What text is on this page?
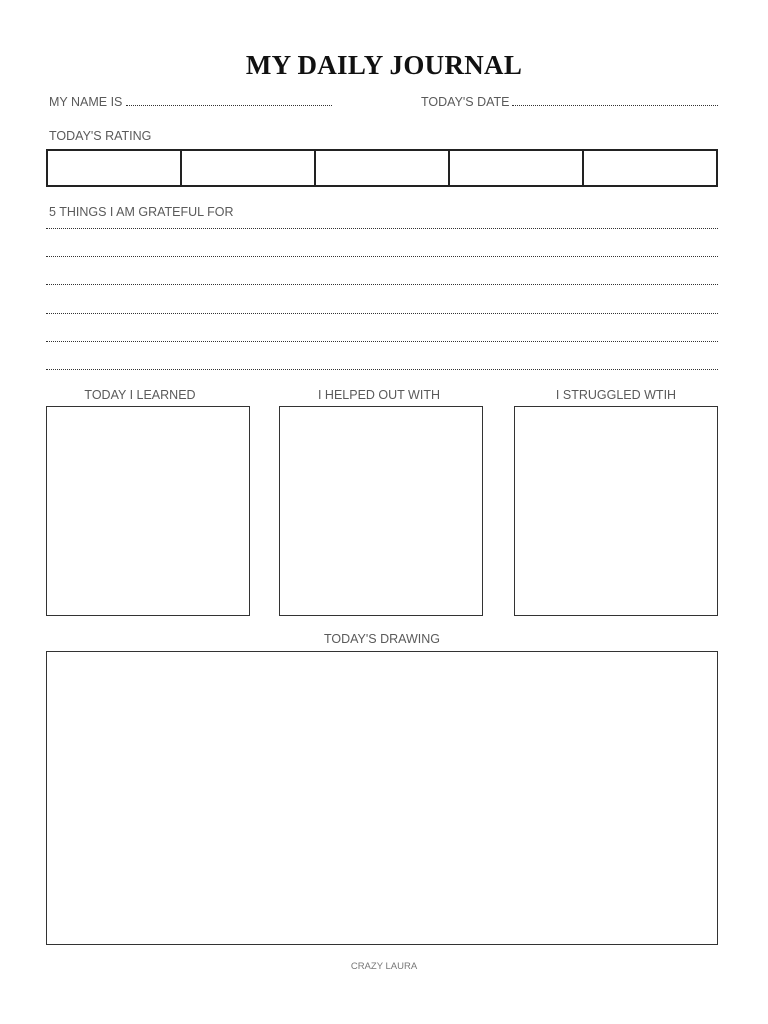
MY DAILY JOURNAL
MY NAME IS	TODAY'S DATE
TODAY'S RATING
5 THINGS I AM GRATEFUL FOR
TODAY I LEARNED	I HELPED OUT WITH	I STRUGGLED WTIH
TODAY'S DRAWING
CRAZY LAURA
